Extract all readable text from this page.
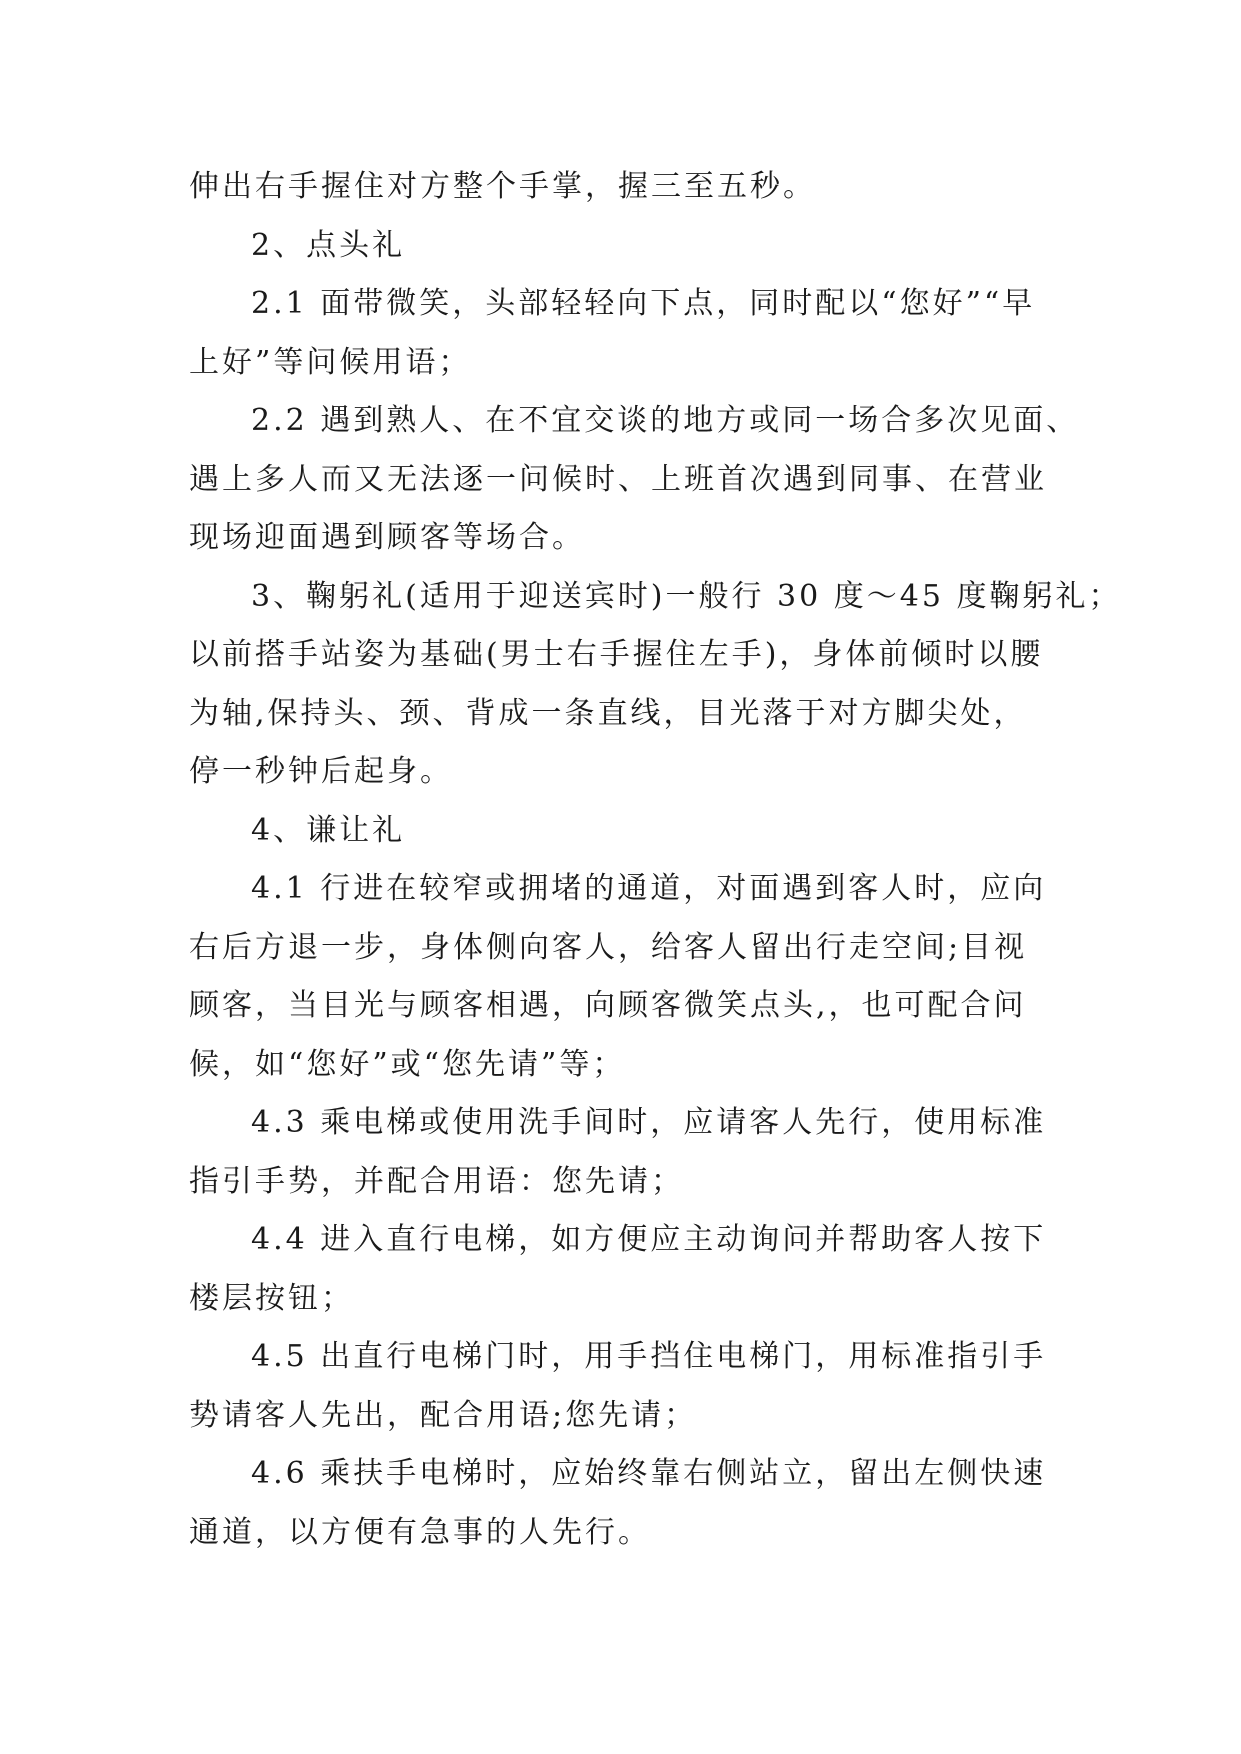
伸出右手握住对方整个手掌，握三至五秒。
2、点头礼
2.1 面带微笑，头部轻轻向下点，同时配以“您好”“早
上好”等问候用语；
2.2 遇到熟人、在不宜交谈的地方或同一场合多次见面、
遇上多人而又无法逐一问候时、上班首次遇到同事、在营业
现场迎面遇到顾客等场合。
3、鞠躬礼(适用于迎送宾时)一般行 30 度～45 度鞠躬礼；
以前搭手站姿为基础(男士右手握住左手)，身体前倾时以腰
为轴,保持头、颈、背成一条直线，目光落于对方脚尖处，
停一秒钟后起身。
4、谦让礼
4.1 行进在较窄或拥堵的通道，对面遇到客人时，应向
右后方退一步，身体侧向客人，给客人留出行走空间;目视
顾客，当目光与顾客相遇，向顾客微笑点头,，也可配合问
候，如“您好”或“您先请”等；
4.3 乘电梯或使用洗手间时，应请客人先行，使用标准
指引手势，并配合用语：您先请；
4.4 进入直行电梯，如方便应主动询问并帮助客人按下
楼层按钮；
4.5 出直行电梯门时，用手挡住电梯门，用标准指引手
势请客人先出，配合用语;您先请；
4.6 乘扶手电梯时，应始终靠右侧站立，留出左侧快速
通道，以方便有急事的人先行。
